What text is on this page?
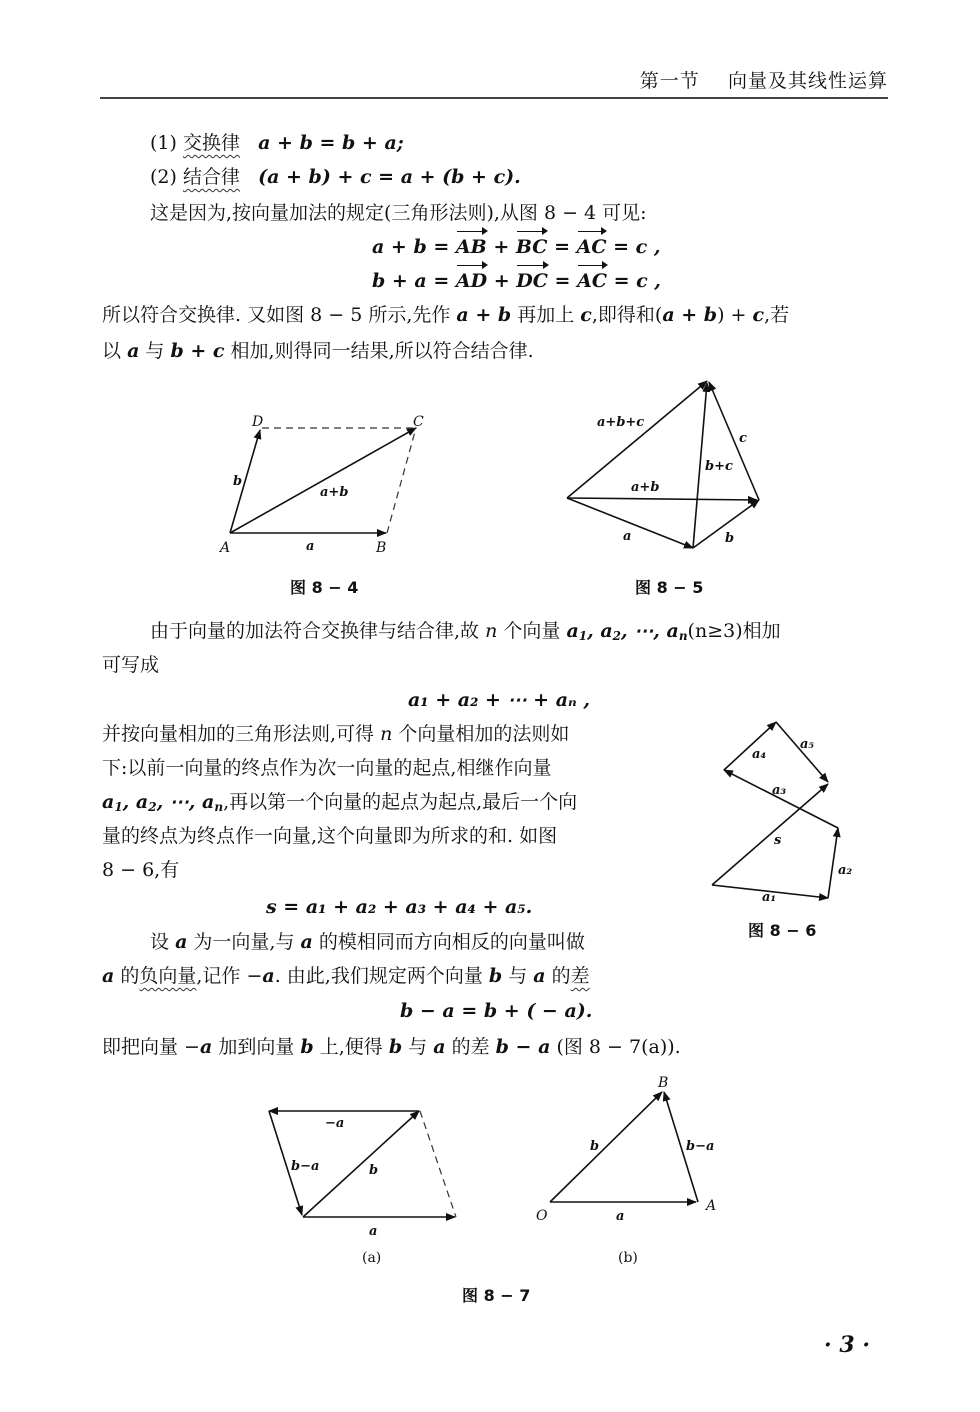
第一节 向量及其线性运算
(1) 交换律 a + b = b + a;
(2) 结合律 (a + b) + c = a + (b + c).
这是因为,按向量加法的规定(三角形法则),从图 8 − 4 可见:
a + b = AB + BC = AC = c ,
b + a = AD + DC = AC = c ,
所以符合交换律. 又如图 8 − 5 所示,先作 a + b 再加上 c,即得和(a + b) + c,若
以 a 与 b + c 相加,则得同一结果,所以符合结合律.
A	B
C
D
a
b
a+b
图 8 − 4
a+b+c
c
b+c
a+b
a	b
图 8 − 5
由于向量的加法符合交换律与结合律,故 n 个向量 $a_1$, $a_2$, ⋯, $a_n(n\ge 3)$相加
可写成
a₁ + a₂ + ⋯ + aₙ ,
并按向量相加的三角形法则,可得 n 个向量相加的法则如
下:以前一向量的终点作为次一向量的起点,相继作向量
$a_1$, $a_2$, ⋯, $a_n$,再以第一个向量的起点为起点,最后一个向
量的终点为终点作一向量,这个向量即为所求的和. 如图
8 − 6,有
s = a₁ + a₂ + a₃ + a₄ + a₅.	a₁
a₂
a₃
a₄
a₅
s
图 8 − 6
设 a 为一向量,与 a 的模相同而方向相反的向量叫做
a 的负向量,记作 −a. 由此,我们规定两个向量 b 与 a 的差
b − a = b + ( − a).
即把向量 −a 加到向量 b 上,便得 b 与 a 的差 b − a (图 8 − 7(a)).
−a
b−a	b
a
(a)
O
A
B
b	b−a
a
(b)
图 8 − 7
· 3 ·
